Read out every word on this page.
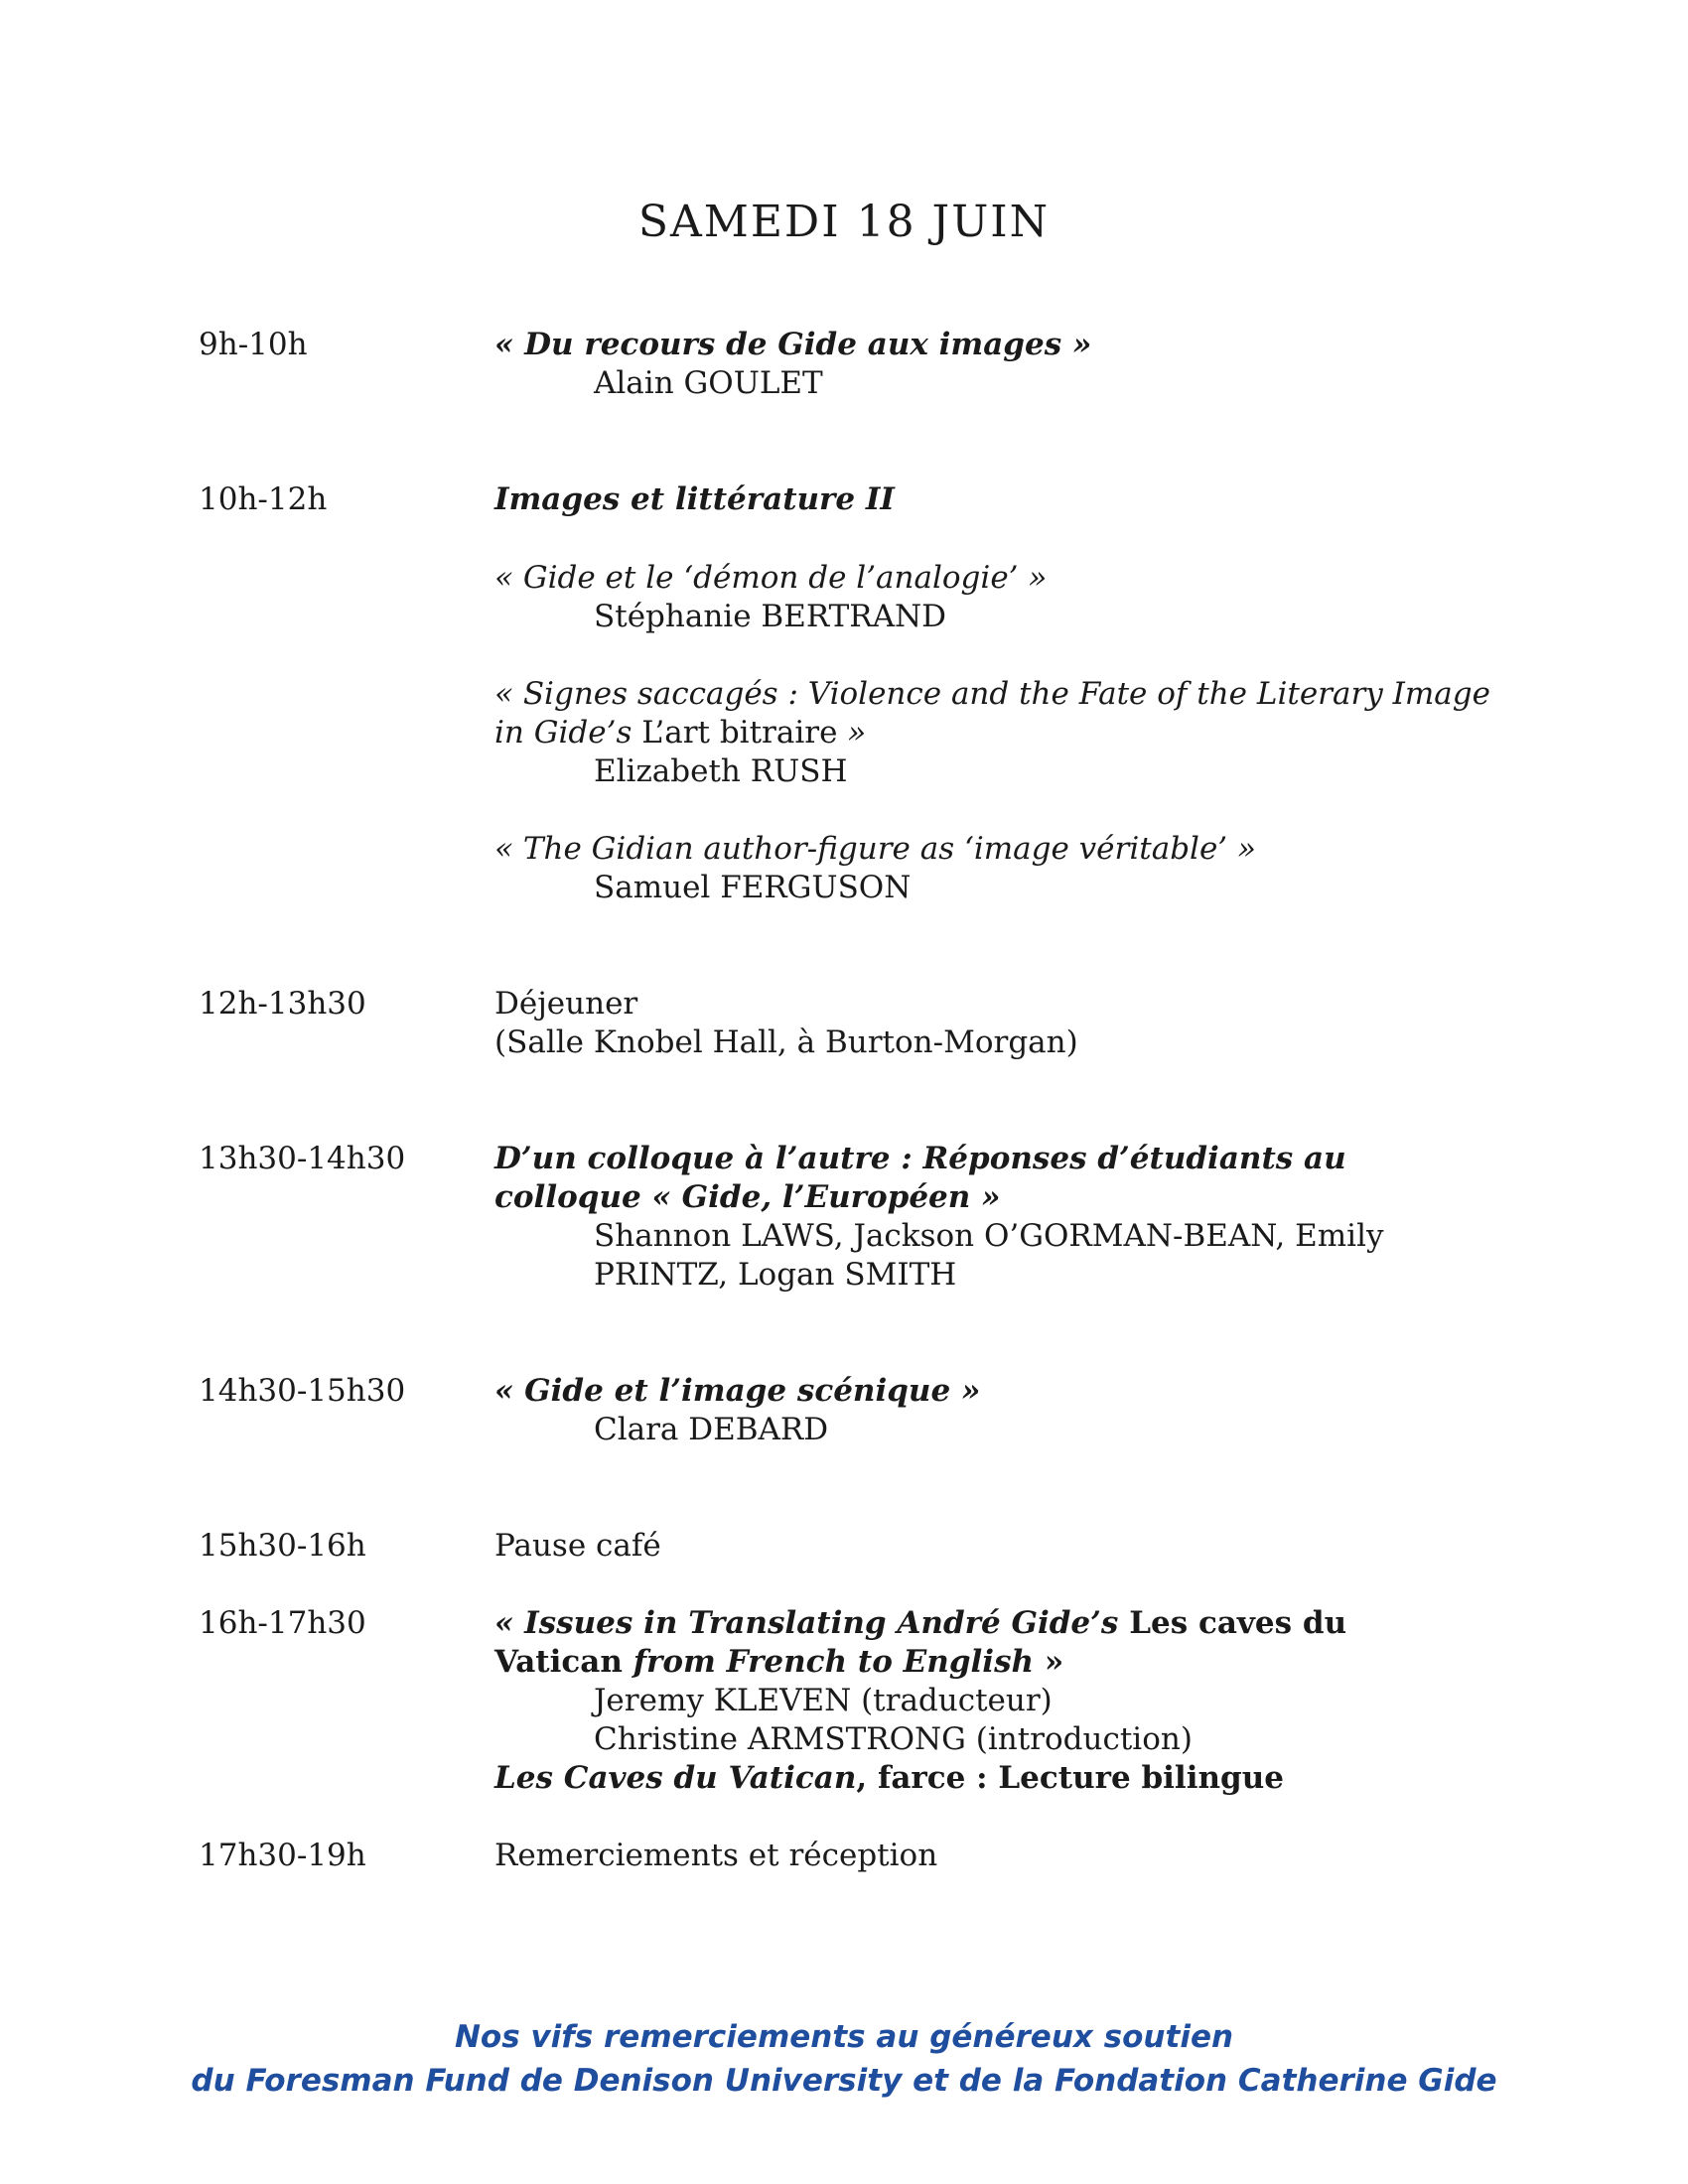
SAMEDI 18 JUIN
9h-10h	« Du recours de Gide aux images »
Alain GOULET
10h-12h	Images et littérature II
« Gide et le ‘démon de l’analogie’ »
Stéphanie BERTRAND
« Signes saccagés : Violence and the Fate of the Literary Image
in Gide’s L’art bitraire »
Elizabeth RUSH
« The Gidian author-figure as ‘image véritable’ »
Samuel FERGUSON
12h-13h30	Déjeuner
(Salle Knobel Hall, à Burton-Morgan)
13h30-14h30	D’un colloque à l’autre : Réponses d’étudiants au
colloque « Gide, l’Européen »
Shannon LAWS, Jackson O’GORMAN-BEAN, Emily
PRINTZ, Logan SMITH
14h30-15h30	« Gide et l’image scénique »
Clara DEBARD
15h30-16h	Pause café
16h-17h30	« Issues in Translating André Gide’s Les caves du
Vatican from French to English »
Jeremy KLEVEN (traducteur)
Christine ARMSTRONG (introduction)
Les Caves du Vatican, farce : Lecture bilingue
17h30-19h	Remerciements et réception
Nos vifs remerciements au généreux soutien
du Foresman Fund de Denison University et de la Fondation Catherine Gide
